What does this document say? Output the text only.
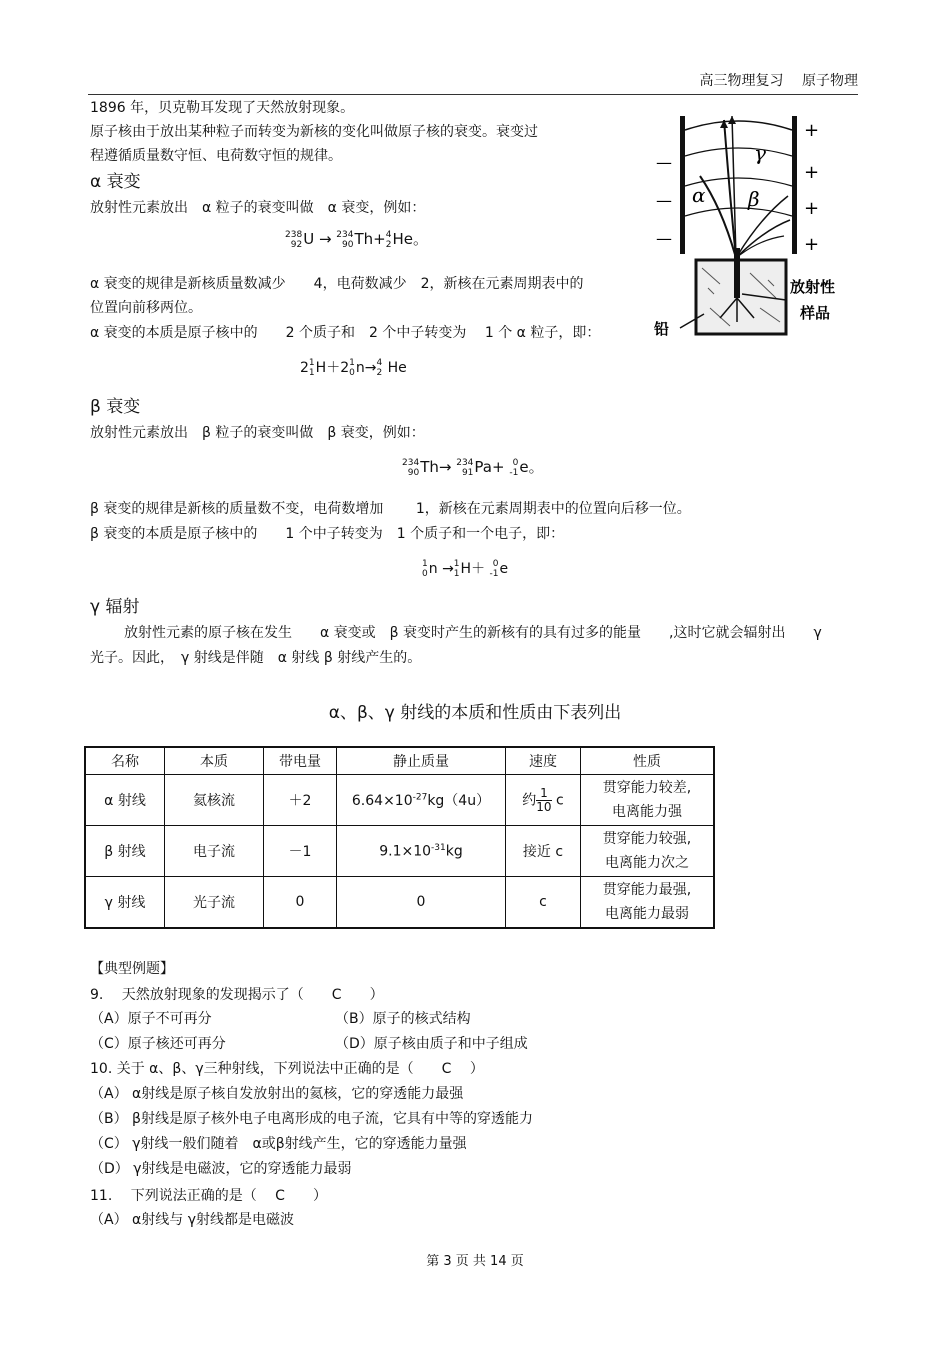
高三物理复习 原子物理
1896 年，贝克勒耳发现了天然放射现象。
原子核由于放出某种粒子而转变为新核的变化叫做原子核的衰变。衰变过
程遵循质量数守恒、电荷数守恒的规律。
α 衰变
放射性元素放出　α 粒子的衰变叫做　α 衰变，例如：
238
92 U → 234
90 Th+ 4
2 He。
α 衰变的规律是新核质量数减少　　4，电荷数减少　2，新核在元素周期表中的
位置向前移两位。
α 衰变的本质是原子核中的　　2 个质子和　2 个中子转变为　 1 个 α 粒子，即：
2 1
1 H＋2 1
0 n→ 4
2 He
β 衰变
放射性元素放出　β 粒子的衰变叫做　β 衰变，例如：
234
90 Th→ 234
91 Pa+ 0
-1 e。
β 衰变的规律是新核的质量数不变，电荷数增加　　 1，新核在元素周期表中的位置向后移一位。
β 衰变的本质是原子核中的　　1 个中子转变为　1 个质子和一个电子，即：
1
0 n → 1
1 H＋ 0
-1 e
γ 辐射
放射性元素的原子核在发生　　α 衰变或　β 衰变时产生的新核有的具有过多的能量　　,这时它就会辐射出　　γ
光子。因此，　γ 射线是伴随　α 射线 β 射线产生的。
α、β、γ 射线的本质和性质由下表列出
名称	本质	带电量	静止质量	速度	性质
α 射线	氦核流	＋2	$6.64\times 10^{-27}kg(4u)$	约 $\frac{1}{10}$ c	贯穿能力较差,
电离能力强

β 射线	电子流	－1	$9.1\times 10^{-31}kg$	接近 c	贯穿能力较强,
电离能力次之

γ 射线	光子流	0	0	c	贯穿能力最强,
电离能力最弱
【典型例题】
9.　 天然放射现象的发现揭示了（　　C　　）
（A）原子不可再分	（B）原子的核式结构
（C）原子核还可再分	（D）原子核由质子和中子组成
10. 关于 α、β、γ三种射线，下列说法中正确的是（　　C　 ）
（A） α射线是原子核自发放射出的氦核，它的穿透能力最强
（B） β射线是原子核外电子电离形成的电子流，它具有中等的穿透能力
（C） γ射线一般们随着　α或β射线产生，它的穿透能力量强
（D） γ射线是电磁波，它的穿透能力最弱
11.　 下列说法正确的是（　 C　　）
（A） α射线与 γ射线都是电磁波
—
—
—
+
+
+
+
α β
γ
放射性
样品
铅
第 3 页 共 14 页
